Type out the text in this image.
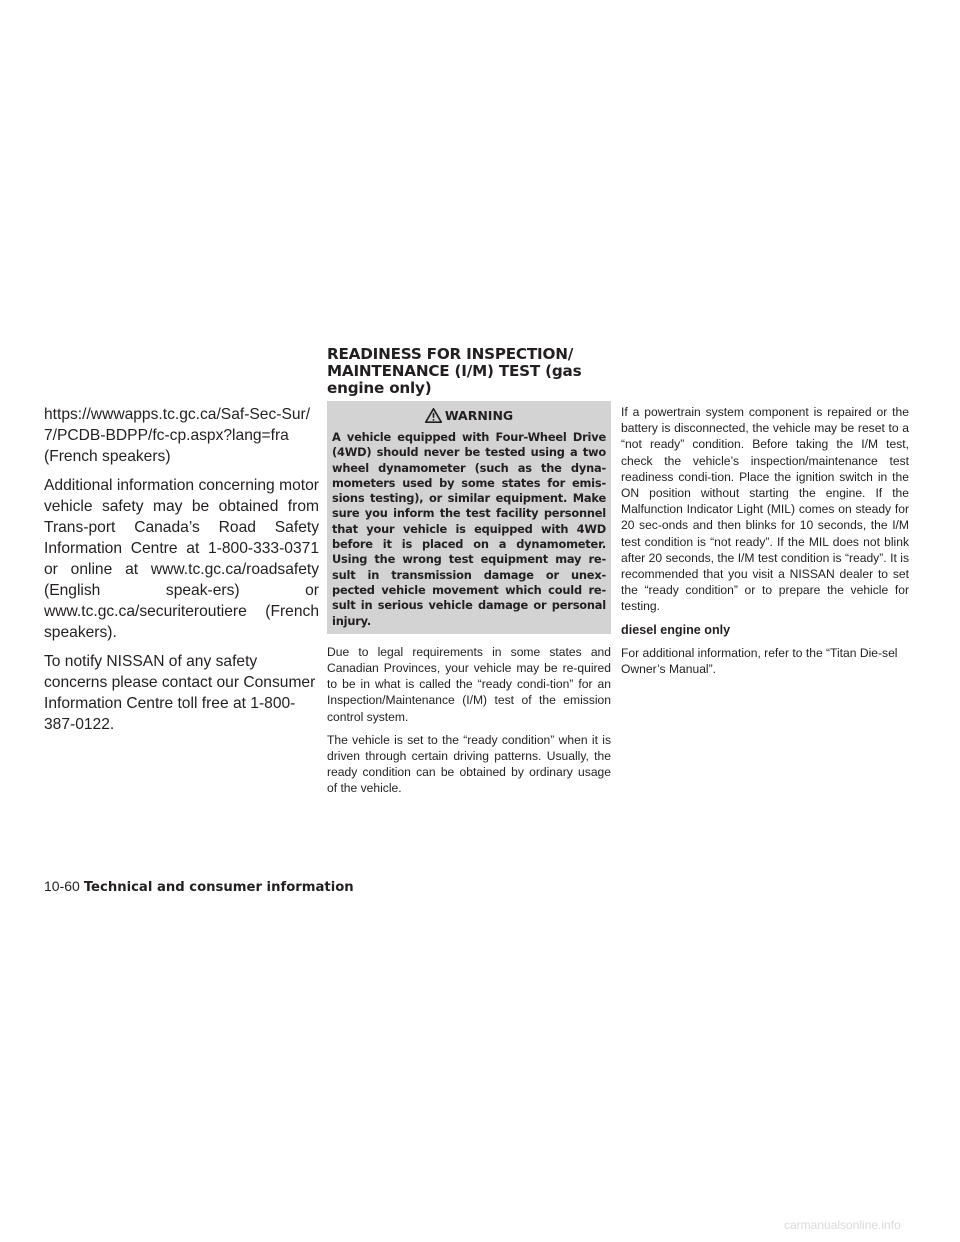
https://wwwapps.tc.gc.ca/Saf-Sec-Sur/
7/PCDB-BDPP/fc-cp.aspx?lang=fra
(French speakers)

Additional information concerning motor vehicle safety may be obtained from Trans-port Canada’s Road Safety Information Centre at 1-800-333-0371 or online at www.tc.gc.ca/roadsafety (English speak-ers) or www.tc.gc.ca/securiteroutiere (French speakers).

To notify NISSAN of any safety concerns please contact our Consumer Information Centre toll free at 1-800-387-0122.

READINESS FOR INSPECTION/
MAINTENANCE (I/M) TEST (gas
engine only)
WARNING

A vehicle equipped with Four-Wheel Drive (4WD) should never be tested using a two wheel dynamometer (such as the dyna-mometers used by some states for emis-sions testing), or similar equipment. Make sure you inform the test facility personnel that your vehicle is equipped with 4WD before it is placed on a dynamometer. Using the wrong test equipment may re-sult in transmission damage or unex-pected vehicle movement which could re-sult in serious vehicle damage or personal injury.

Due to legal requirements in some states and Canadian Provinces, your vehicle may be re-quired to be in what is called the “ready condi-tion” for an Inspection/Maintenance (I/M) test of the emission control system.

The vehicle is set to the “ready condition” when it is driven through certain driving patterns. Usually, the ready condition can be obtained by ordinary usage of the vehicle.

If a powertrain system component is repaired or the battery is disconnected, the vehicle may be reset to a “not ready” condition. Before taking the I/M test, check the vehicle’s inspection/maintenance test readiness condi-tion. Place the ignition switch in the ON position without starting the engine. If the Malfunction Indicator Light (MIL) comes on steady for 20 sec-onds and then blinks for 10 seconds, the I/M test condition is “not ready”. If the MIL does not blink after 20 seconds, the I/M test condition is “ready”. It is recommended that you visit a NISSAN dealer to set the “ready condition” or to prepare the vehicle for testing.

diesel engine only

For additional information, refer to the “Titan Die-sel Owner’s Manual”.

10-60 Technical and consumer information
carmanualsonline.info
